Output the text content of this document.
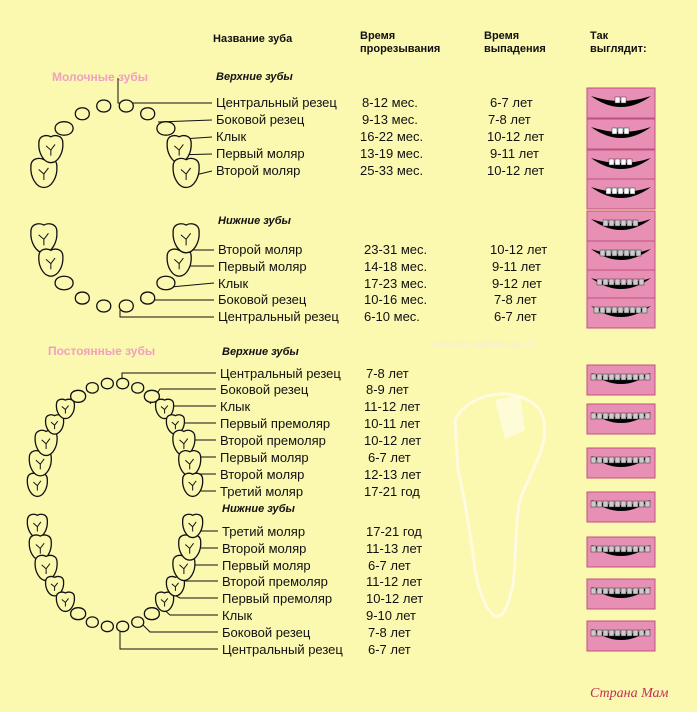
Название зуба	Время
прорезывания
Время
выпадения
Так
выглядит:
Молочные зубы	Верхние зубы
Нижние зубы
Постоянные зубы	Верхние зубы
Нижние зубы
Центральный резец 8-12 мес.	6-7 лет
Боковой резец	9-13 мес.	7-8 лет
Клык	16-22 мес.	10-12 лет
Первый моляр	13-19 мес.	9-11 лет
Второй моляр	25-33 мес.	10-12 лет
Второй моляр	23-31 мес.	10-12 лет
Первый моляр	14-18 мес.	9-11 лет
Клык	17-23 мес.	9-12 лет
Боковой резец	10-16 мес.	7-8 лет
Центральный резец 6-10 мес.	6-7 лет
Центральный резец 7-8 лет
Боковой резец	8-9 лет
Клык	11-12 лет
Первый премоляр	10-11 лет
Второй премоляр	10-12 лет
Первый моляр	6-7 лет
Второй моляр	12-13 лет
Третий моляр	17-21 год
Третий моляр	17-21 год
Второй моляр	11-13 лет
Первый моляр	6-7 лет
Второй премоляр	11-12 лет
Первый премоляр	10-12 лет
Клык	9-10 лет
Боковой резец	7-8 лет
Центральный резец 6-7 лет
www.dentalfantasy.ru
Страна Мам
